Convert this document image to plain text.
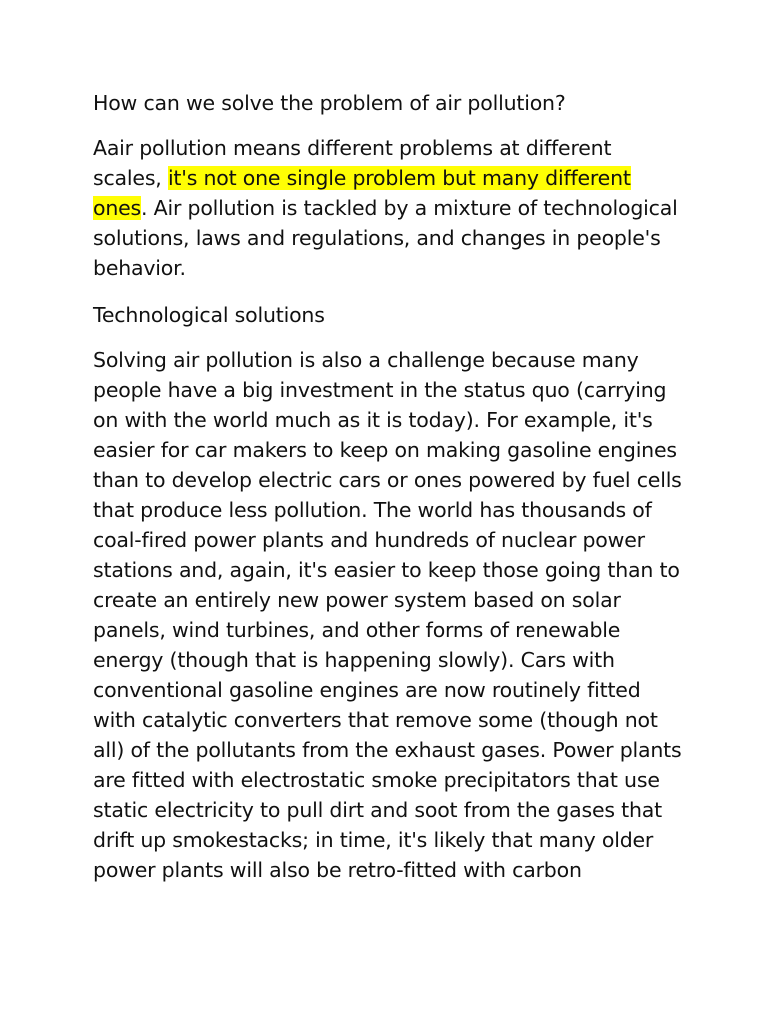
How can we solve the problem of air pollution?

Aair pollution means different problems at different scales, it's not one single problem but many different ones. Air pollution is tackled by a mixture of technological solutions, laws and regulations, and changes in people's behavior.

Technological solutions

Solving air pollution is also a challenge because many people have a big investment in the status quo (carrying on with the world much as it is today). For example, it's easier for car makers to keep on making gasoline engines than to develop electric cars or ones powered by fuel cells that produce less pollution. The world has thousands of coal-fired power plants and hundreds of nuclear power stations and, again, it's easier to keep those going than to create an entirely new power system based on solar panels, wind turbines, and other forms of renewable energy (though that is happening slowly). Cars with conventional gasoline engines are now routinely fitted with catalytic converters that remove some (though not all) of the pollutants from the exhaust gases. Power plants are fitted with electrostatic smoke precipitators that use static electricity to pull dirt and soot from the gases that drift up smokestacks; in time, it's likely that many older power plants will also be retro-fitted with carbon
